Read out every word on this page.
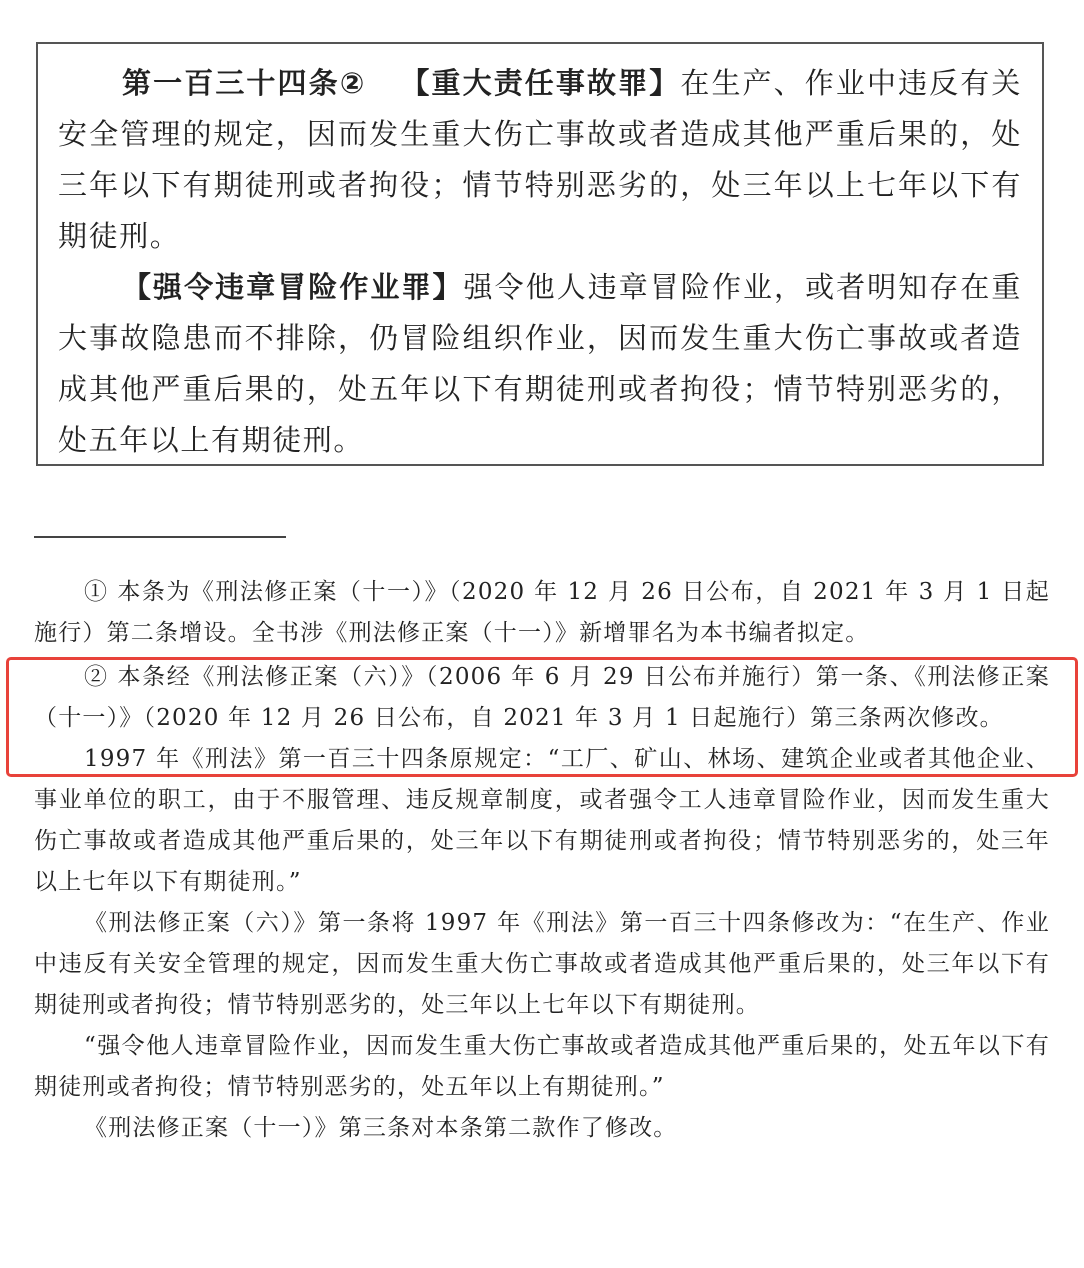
第一百三十四条② 【重大责任事故罪】在生产、作业中违反有关安全管理的规定，因而发生重大伤亡事故或者造成其他严重后果的，处三年以下有期徒刑或者拘役；情节特别恶劣的，处三年以上七年以下有期徒刑。

【强令违章冒险作业罪】强令他人违章冒险作业，或者明知存在重大事故隐患而不排除，仍冒险组织作业，因而发生重大伤亡事故或者造成其他严重后果的，处五年以下有期徒刑或者拘役；情节特别恶劣的，处五年以上有期徒刑。

① 本条为《刑法修正案（十一）》（2020 年 12 月 26 日公布，自 2021 年 3 月 1 日起施行）第二条增设。全书涉《刑法修正案（十一）》新增罪名为本书编者拟定。

② 本条经《刑法修正案（六）》（2006 年 6 月 29 日公布并施行）第一条、《刑法修正案（十一）》（2020 年 12 月 26 日公布，自 2021 年 3 月 1 日起施行）第三条两次修改。

1997 年《刑法》第一百三十四条原规定：“工厂、矿山、林场、建筑企业或者其他企业、事业单位的职工，由于不服管理、违反规章制度，或者强令工人违章冒险作业，因而发生重大伤亡事故或者造成其他严重后果的，处三年以下有期徒刑或者拘役；情节特别恶劣的，处三年以上七年以下有期徒刑。”

《刑法修正案（六）》第一条将 1997 年《刑法》第一百三十四条修改为：“在生产、作业中违反有关安全管理的规定，因而发生重大伤亡事故或者造成其他严重后果的，处三年以下有期徒刑或者拘役；情节特别恶劣的，处三年以上七年以下有期徒刑。

“强令他人违章冒险作业，因而发生重大伤亡事故或者造成其他严重后果的，处五年以下有期徒刑或者拘役；情节特别恶劣的，处五年以上有期徒刑。”

《刑法修正案（十一）》第三条对本条第二款作了修改。
